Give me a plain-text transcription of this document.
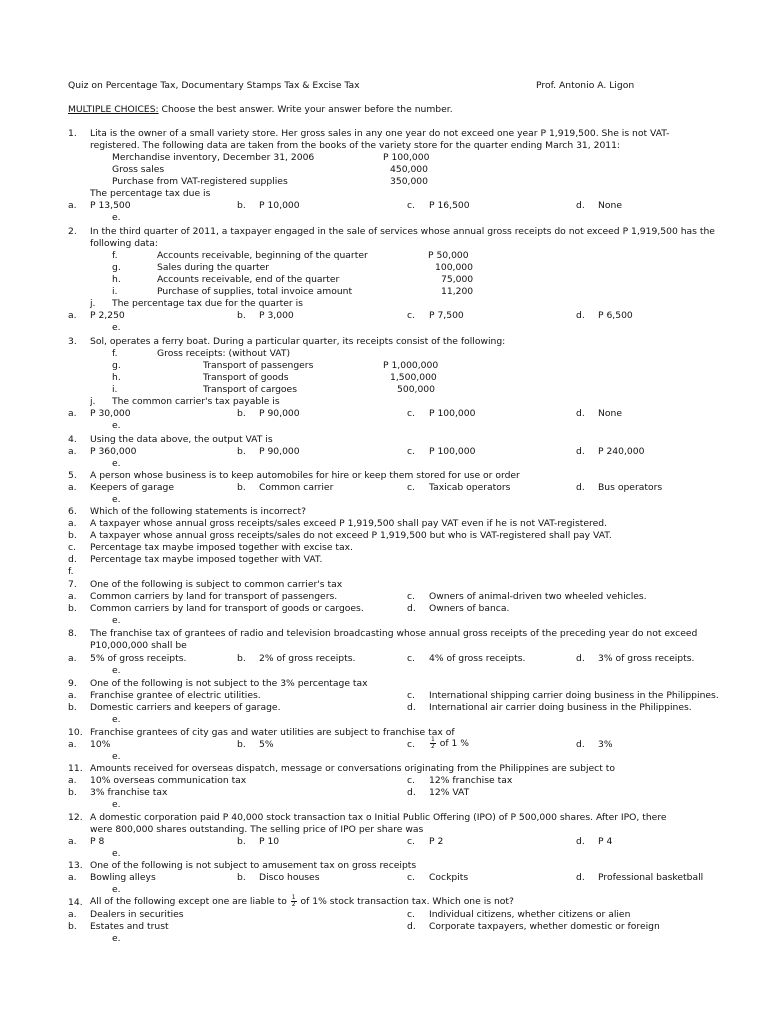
Quiz on Percentage Tax, Documentary Stamps Tax & Excise Tax	Prof. Antonio A. Ligon
MULTIPLE CHOICES: Choose the best answer. Write your answer before the number.
1. Lita is the owner of a small variety store. Her gross sales in any one year do not exceed one year P 1,919,500. She is not VAT-
registered. The following data are taken from the books of the variety store for the quarter ending March 31, 2011:
Merchandise inventory, December 31, 2006	P 100,000
Gross sales	450,000
Purchase from VAT-registered supplies	350,000
The percentage tax due is
a. P 13,500	b. P 10,000	c. P 16,500	d. None
e.
2. In the third quarter of 2011, a taxpayer engaged in the sale of services whose annual gross receipts do not exceed P 1,919,500 has the
following data:
f.	Accounts receivable, beginning of the quarter	P 50,000
g.	Sales during the quarter	100,000
h.	Accounts receivable, end of the quarter	75,000
i.	Purchase of supplies, total invoice amount	11,200
j. The percentage tax due for the quarter is
a. P 2,250	b. P 3,000	c. P 7,500	d. P 6,500
e.
3. Sol, operates a ferry boat. During a particular quarter, its receipts consist of the following:
f.	Gross receipts: (without VAT)
g.	Transport of passengers	P 1,000,000
h.	Transport of goods	1,500,000
i.	Transport of cargoes	500,000
j. The common carrier's tax payable is
a. P 30,000	b. P 90,000	c. P 100,000	d. None
e.
4. Using the data above, the output VAT is
a. P 360,000	b. P 90,000	c. P 100,000	d. P 240,000
e.
5. A person whose business is to keep automobiles for hire or keep them stored for use or order
a. Keepers of garage	b. Common carrier	c. Taxicab operators	d. Bus operators
e.
6. Which of the following statements is incorrect?
a. A taxpayer whose annual gross receipts/sales exceed P 1,919,500 shall pay VAT even if he is not VAT-registered.
b. A taxpayer whose annual gross receipts/sales do not exceed P 1,919,500 but who is VAT-registered shall pay VAT.
c. Percentage tax maybe imposed together with excise tax.
d. Percentage tax maybe imposed together with VAT.
f.
7. One of the following is subject to common carrier's tax
a. Common carriers by land for transport of passengers.	c. Owners of animal-driven two wheeled vehicles.
b. Common carriers by land for transport of goods or cargoes.	d. Owners of banca.
e.
8. The franchise tax of grantees of radio and television broadcasting whose annual gross receipts of the preceding year do not exceed
P10,000,000 shall be
a. 5% of gross receipts.	b. 2% of gross receipts.	c. 4% of gross receipts.	d. 3% of gross receipts.
e.
9. One of the following is not subject to the 3% percentage tax
a. Franchise grantee of electric utilities.	c. International shipping carrier doing business in the Philippines.
b. Domestic carriers and keepers of garage.	d. International air carrier doing business in the Philippines.
e.
10. Franchise grantees of city gas and water utilities are subject to franchise tax of
a. 10%	b. 5%	c.	$\frac{1}{2}$ of 1 %	d. 3%
e.
11. Amounts received for overseas dispatch, message or conversations originating from the Philippines are subject to
a. 10% overseas communication tax	c. 12% franchise tax
b. 3% franchise tax	d. 12% VAT
e.
12. A domestic corporation paid P 40,000 stock transaction tax o Initial Public Offering (IPO) of P 500,000 shares. After IPO, there
were 800,000 shares outstanding. The selling price of IPO per share was
a. P 8	b. P 10	c. P 2	d. P 4
e.
13. One of the following is not subject to amusement tax on gross receipts
a. Bowling alleys	b. Disco houses	c. Cockpits	d. Professional basketball
e.
14. All of the following except one are liable to $\frac{1}{2}$ of 1% stock transaction tax. Which one is not?
a. Dealers in securities	c. Individual citizens, whether citizens or alien
b. Estates and trust	d. Corporate taxpayers, whether domestic or foreign
e.
